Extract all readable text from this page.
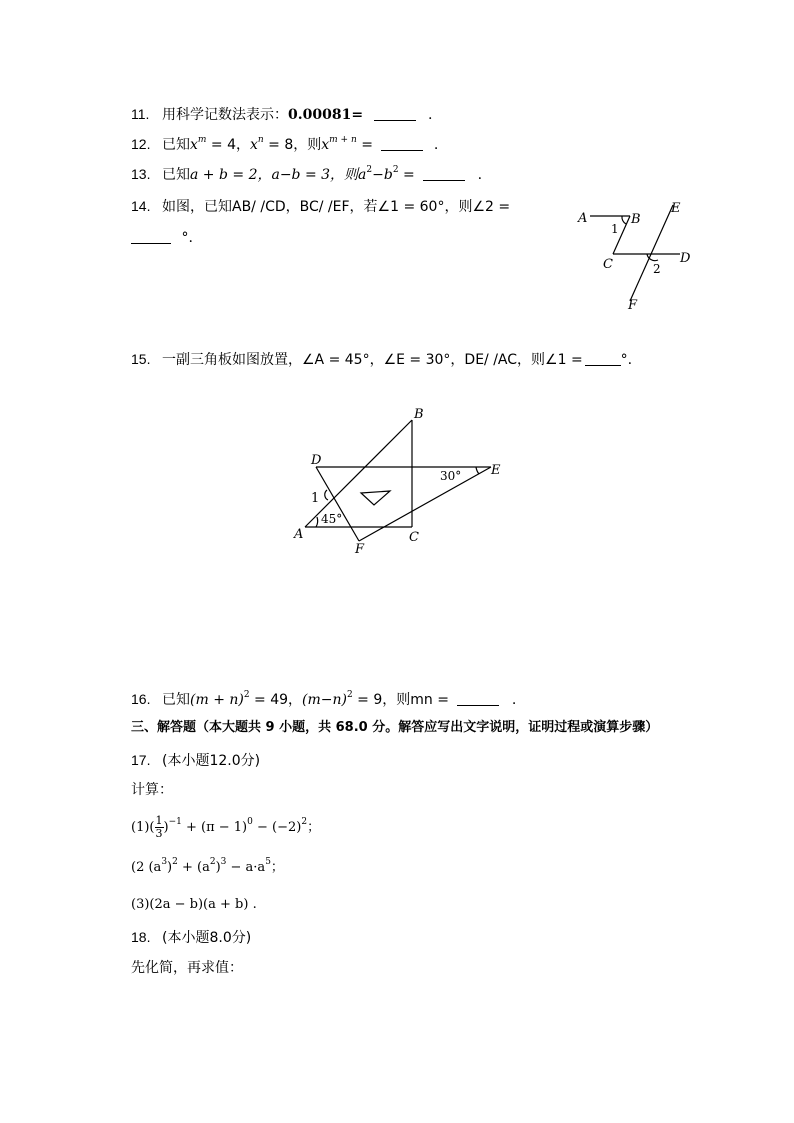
11. 用科学记数法表示：0.00081=	.
12. 已知$x^m = 4$，$x^n = 8$，则$x^{m + n}$ =	.
13. 已知a + b = 2，a−b = 3，则$a^2-b^2$ =	.
14. 如图，已知AB/ /CD，BC/ /EF，若∠1 = 60°，则∠2 =
°.
A	B
C	D
E
F
1
2
15. 一副三角板如图放置，∠A = 45°，∠E = 30°，DE/ /AC，则∠1 =	°.
A
B
C
D
E
F
1
45°
30°
16. 已知$(m + n)^2 = 49$，$(m-n)^2 = 9$，则mn =	.
三、解答题（本大题共 9 小题，共 68.0 分。解答应写出文字说明，证明过程或演算步骤）
17. (本小题12.0分)
计算：
$(1)( \frac{1}{3} )^{-1} + (\pi - 1)^0 - (-2)^2$；
(2 $(a^3)^2 + (a^2)^3 - a\cdot a^5$；
(3)(2a − b)(a + b) .
18. (本小题8.0分)
先化简，再求值：
